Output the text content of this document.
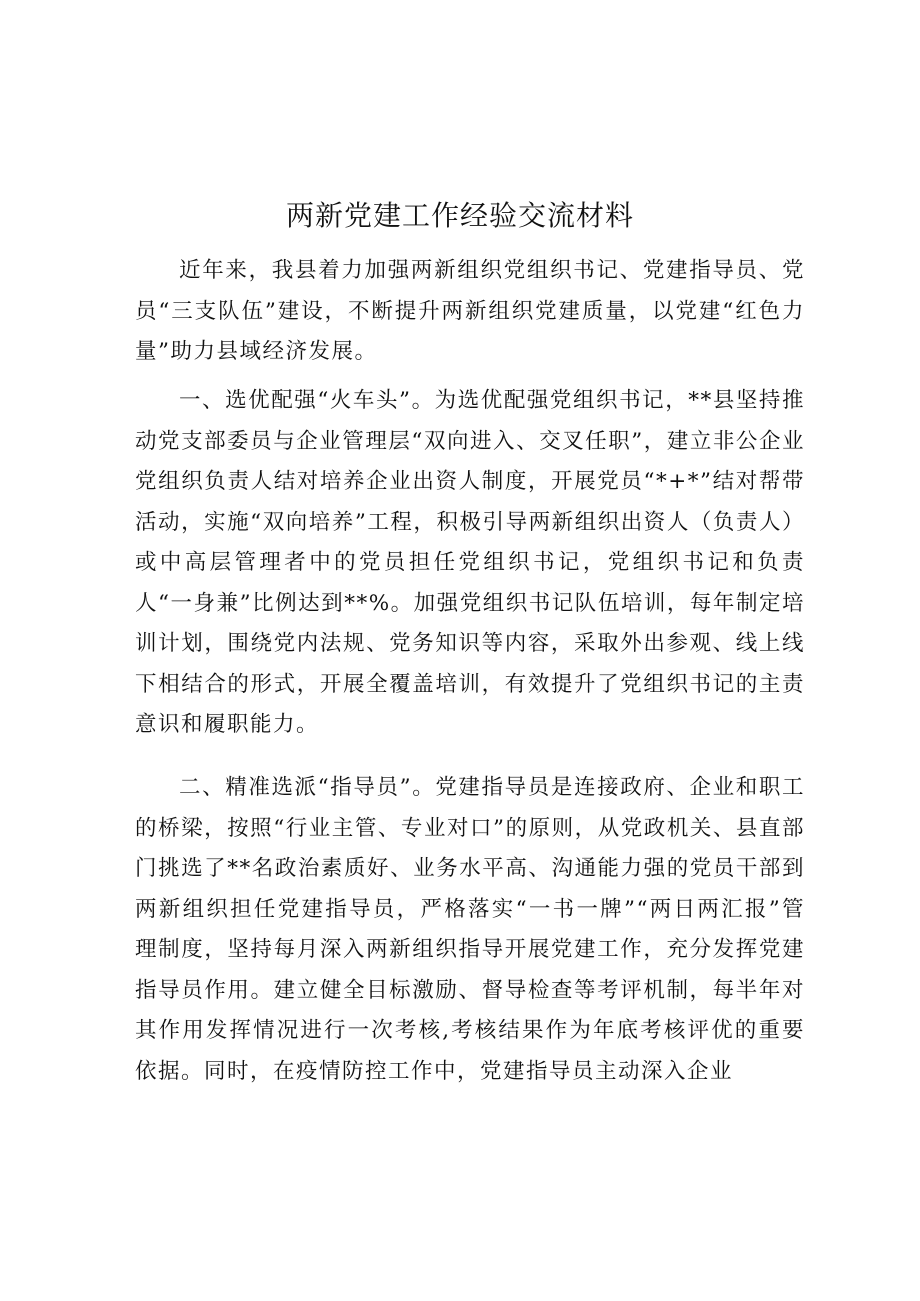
两新党建工作经验交流材料

近年来，我县着力加强两新组织党组织书记、党建指导员、党员“三支队伍”建设，不断提升两新组织党建质量，以党建“红色力量”助力县域经济发展。

一、选优配强“火车头”。为选优配强党组织书记，**县坚持推动党支部委员与企业管理层“双向进入、交叉任职”，建立非公企业党组织负责人结对培养企业出资人制度，开展党员“*+*”结对帮带活动，实施“双向培养”工程，积极引导两新组织出资人（负责人）或中高层管理者中的党员担任党组织书记，党组织书记和负责人“一身兼”比例达到**%。加强党组织书记队伍培训，每年制定培训计划，围绕党内法规、党务知识等内容，采取外出参观、线上线下相结合的形式，开展全覆盖培训，有效提升了党组织书记的主责意识和履职能力。

二、精准选派“指导员”。党建指导员是连接政府、企业和职工的桥梁，按照“行业主管、专业对口”的原则，从党政机关、县直部门挑选了**名政治素质好、业务水平高、沟通能力强的党员干部到两新组织担任党建指导员，严格落实“一书一牌”“两日两汇报”管理制度，坚持每月深入两新组织指导开展党建工作，充分发挥党建指导员作用。建立健全目标激励、督导检查等考评机制，每半年对其作用发挥情况进行一次考核,考核结果作为年底考核评优的重要依据。同时，在疫情防控工作中，党建指导员主动深入企业
